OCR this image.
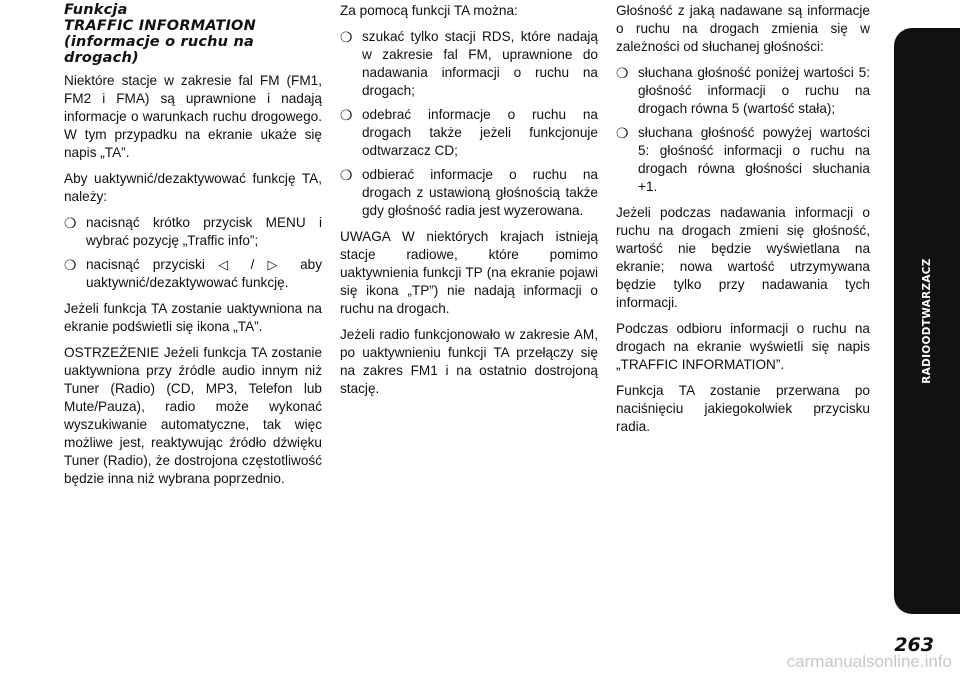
Funkcja
TRAFFIC INFORMATION
(informacje o ruchu na
drogach)

Niektóre stacje w zakresie fal FM (FM1, FM2 i FMA) są uprawnione i nadają informacje o warunkach ruchu drogowego. W tym przypadku na ekranie ukaże się napis „TA”.

Aby uaktywnić/dezaktywować funkcję TA, należy:

❍ nacisnąć krótko przycisk MENU i wybrać pozycję „Traffic info”;
❍ nacisnąć przyciski ◁ / ▷ aby uaktywnić/dezaktywować funkcję.

Jeżeli funkcja TA zostanie uaktywniona na ekranie podświetli się ikona „TA”.

OSTRZEŻENIE Jeżeli funkcja TA zostanie uaktywniona przy źródle audio innym niż Tuner (Radio) (CD, MP3, Telefon lub Mute/Pauza), radio może wykonać wyszukiwanie automatyczne, tak więc możliwe jest, reaktywując źródło dźwięku Tuner (Radio), że dostrojona częstotliwość będzie inna niż wybrana poprzednio.

Za pomocą funkcji TA można:

❍ szukać tylko stacji RDS, które nadają w zakresie fal FM, uprawnione do nadawania informacji o ruchu na drogach;
❍ odebrać informacje o ruchu na drogach także jeżeli funkcjonuje odtwarzacz CD;
❍ odbierać informacje o ruchu na drogach z ustawioną głośnością także gdy głośność radia jest wyzerowana.

UWAGA W niektórych krajach istnieją stacje radiowe, które pomimo uaktywnienia funkcji TP (na ekranie pojawi się ikona „TP”) nie nadają informacji o ruchu na drogach.

Jeżeli radio funkcjonowało w zakresie AM, po uaktywnieniu funkcji TA przełączy się na zakres FM1 i na ostatnio dostrojoną stację.

Głośność z jaką nadawane są informacje o ruchu na drogach zmienia się w zależności od słuchanej głośności:

❍ słuchana głośność poniżej wartości 5: głośność informacji o ruchu na drogach równa 5 (wartość stała);
❍ słuchana głośność powyżej wartości 5: głośność informacji o ruchu na drogach równa głośności słuchania +1.

Jeżeli podczas nadawania informacji o ruchu na drogach zmieni się głośność, wartość nie będzie wyświetlana na ekranie; nowa wartość utrzymywana będzie tylko przy nadawania tych informacji.

Podczas odbioru informacji o ruchu na drogach na ekranie wyświetli się napis „TRAFFIC INFORMATION”.

Funkcja TA zostanie przerwana po naciśnięciu jakiegokolwiek przycisku radia.

RADIOODTWARZACZ
263
carmanualsonline.info
